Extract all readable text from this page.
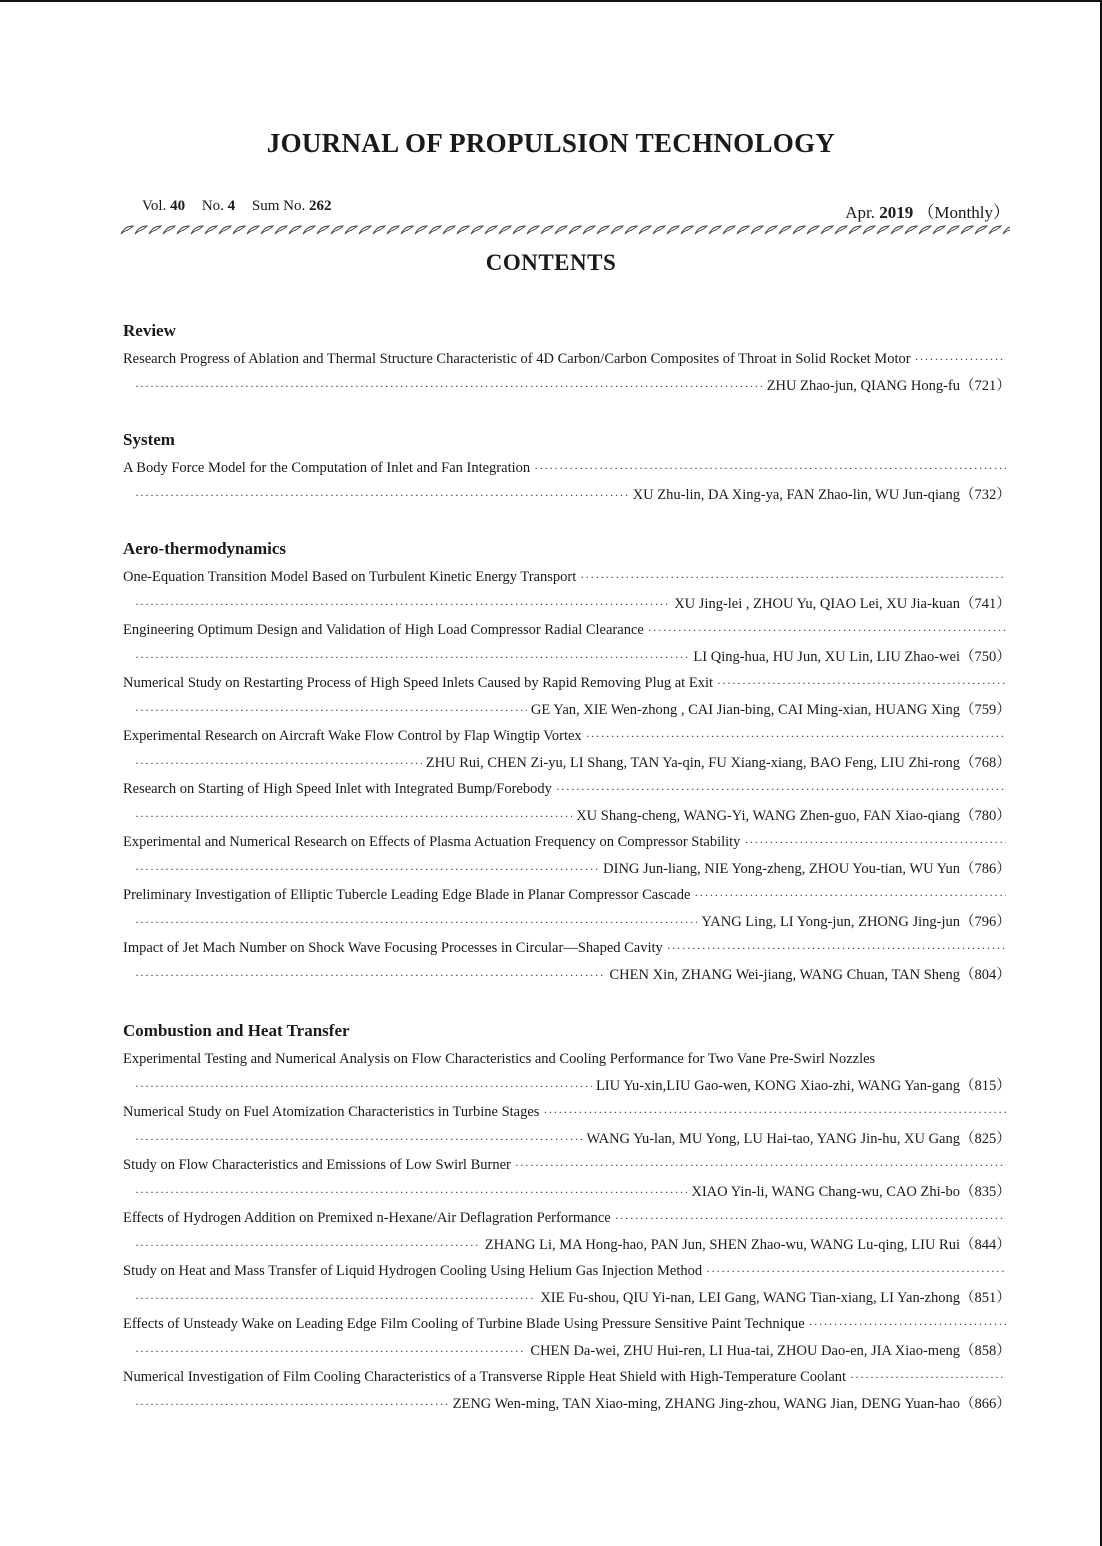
JOURNAL OF PROPULSION TECHNOLOGY
Vol. 40 No. 4 Sum No. 262	Apr. 2019 （Monthly）
CONTENTS
Review
Research Progress of Ablation and Thermal Structure Characteristic of 4D Carbon/Carbon Composites of Throat in Solid Rocket Motor
·····
·····
ZHU Zhao-jun, QIANG Hong-fu （721）
System
A Body Force Model for the Computation of Inlet and Fan Integration
·····
·····
XU Zhu-lin, DA Xing-ya, FAN Zhao-lin, WU Jun-qiang （732）
Aero-thermodynamics
One-Equation Transition Model Based on Turbulent Kinetic Energy Transport
·····
·····
XU Jing-lei , ZHOU Yu, QIAO Lei, XU Jia-kuan （741）
Engineering Optimum Design and Validation of High Load Compressor Radial Clearance
·····
·····
LI Qing-hua, HU Jun, XU Lin, LIU Zhao-wei （750）
Numerical Study on Restarting Process of High Speed Inlets Caused by Rapid Removing Plug at Exit
·····
·····
GE Yan, XIE Wen-zhong , CAI Jian-bing, CAI Ming-xian, HUANG Xing （759）
Experimental Research on Aircraft Wake Flow Control by Flap Wingtip Vortex
·····
·····
ZHU Rui, CHEN Zi-yu, LI Shang, TAN Ya-qin, FU Xiang-xiang, BAO Feng, LIU Zhi-rong （768）
Research on Starting of High Speed Inlet with Integrated Bump/Forebody
·····
·····
XU Shang-cheng, WANG-Yi, WANG Zhen-guo, FAN Xiao-qiang （780）
Experimental and Numerical Research on Effects of Plasma Actuation Frequency on Compressor Stability
·····
·····
DING Jun-liang, NIE Yong-zheng, ZHOU You-tian, WU Yun （786）
Preliminary Investigation of Elliptic Tubercle Leading Edge Blade in Planar Compressor Cascade
·····
·····
YANG Ling, LI Yong-jun, ZHONG Jing-jun （796）
Impact of Jet Mach Number on Shock Wave Focusing Processes in Circular—Shaped Cavity
·····
·····
CHEN Xin, ZHANG Wei-jiang, WANG Chuan, TAN Sheng （804）
Combustion and Heat Transfer
Experimental Testing and Numerical Analysis on Flow Characteristics and Cooling Performance for Two Vane Pre-Swirl Nozzles
·····
LIU Yu-xin,LIU Gao-wen, KONG Xiao-zhi, WANG Yan-gang （815）
Numerical Study on Fuel Atomization Characteristics in Turbine Stages
·····
·····
WANG Yu-lan, MU Yong, LU Hai-tao, YANG Jin-hu, XU Gang （825）
Study on Flow Characteristics and Emissions of Low Swirl Burner
·····
·····
XIAO Yin-li, WANG Chang-wu, CAO Zhi-bo （835）
Effects of Hydrogen Addition on Premixed n-Hexane/Air Deflagration Performance
·····
·····
ZHANG Li, MA Hong-hao, PAN Jun, SHEN Zhao-wu, WANG Lu-qing, LIU Rui （844）
Study on Heat and Mass Transfer of Liquid Hydrogen Cooling Using Helium Gas Injection Method
·····
·····
XIE Fu-shou, QIU Yi-nan, LEI Gang, WANG Tian-xiang, LI Yan-zhong （851）
Effects of Unsteady Wake on Leading Edge Film Cooling of Turbine Blade Using Pressure Sensitive Paint Technique
·····
·····
CHEN Da-wei, ZHU Hui-ren, LI Hua-tai, ZHOU Dao-en, JIA Xiao-meng （858）
Numerical Investigation of Film Cooling Characteristics of a Transverse Ripple Heat Shield with High-Temperature Coolant
·····
·····
ZENG Wen-ming, TAN Xiao-ming, ZHANG Jing-zhou, WANG Jian, DENG Yuan-hao （866）
